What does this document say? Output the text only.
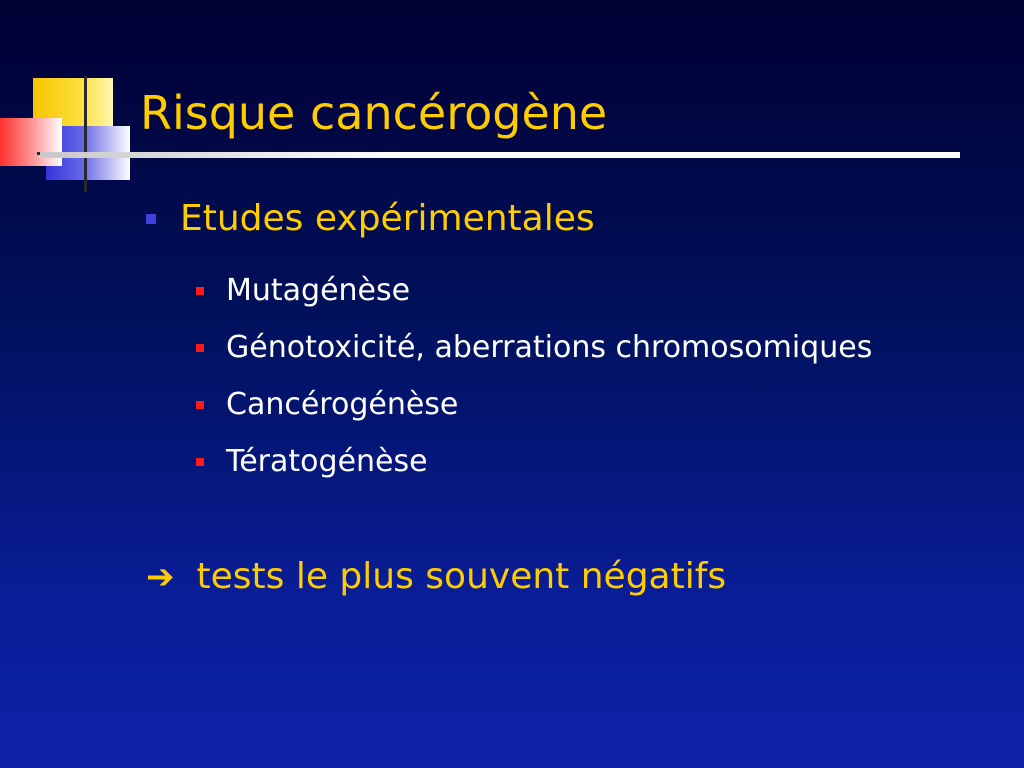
Risque cancérogène
Etudes expérimentales
Mutagénèse
Génotoxicité, aberrations chromosomiques
Cancérogénèse
Tératogénèse
➔ tests le plus souvent négatifs
